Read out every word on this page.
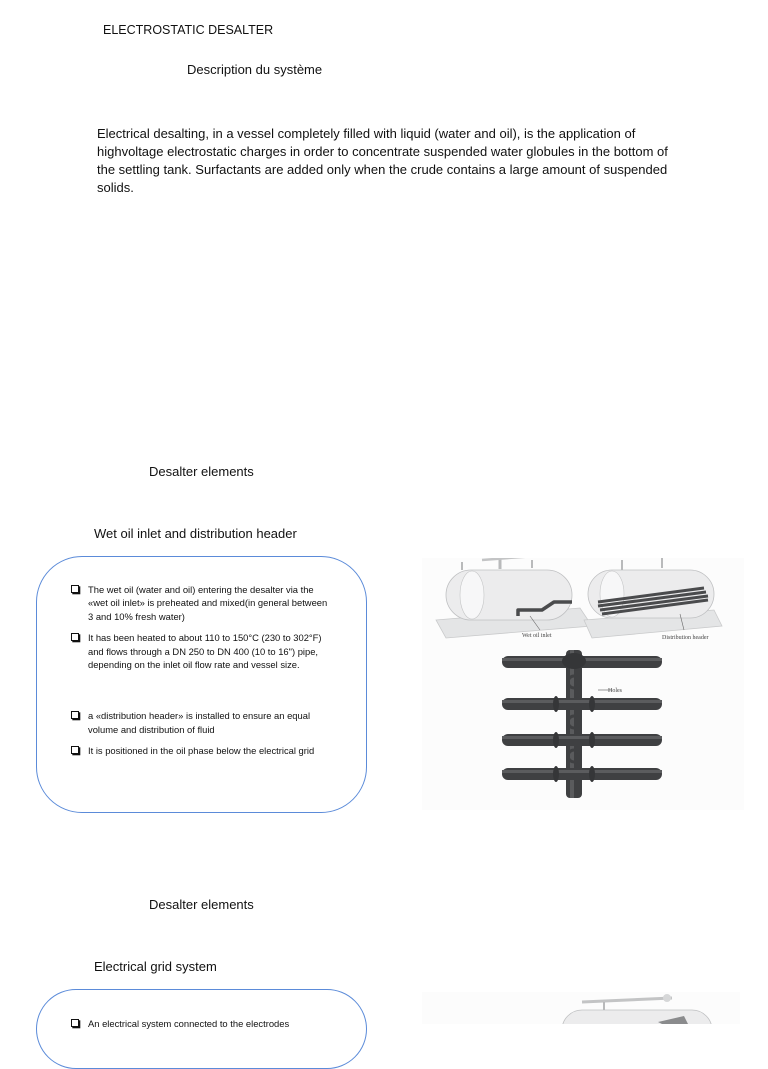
ELECTROSTATIC DESALTER
Description du système
Electrical desalting, in a vessel completely filled with liquid (water and oil), is the application of highvoltage electrostatic charges in order to concentrate suspended water globules in the bottom of the settling tank. Surfactants are added only when the crude contains a large amount of suspended solids.
Desalter elements
Wet oil inlet and distribution header
The wet oil (water and oil) entering the desalter via the «wet oil inlet» is preheated and mixed(in general between 3 and 10% fresh water)
It has been heated to about 110 to 150°C (230 to 302°F) and flows through a DN 250 to DN 400 (10 to 16") pipe, depending on the inlet oil flow rate and vessel size.
a «distribution header» is installed to ensure an equal volume and distribution of fluid
It is positioned in the oil phase below the electrical grid
Wet oil inlet	Distribution header
Holes
Desalter elements
Electrical grid system
An electrical system connected to the electrodes
